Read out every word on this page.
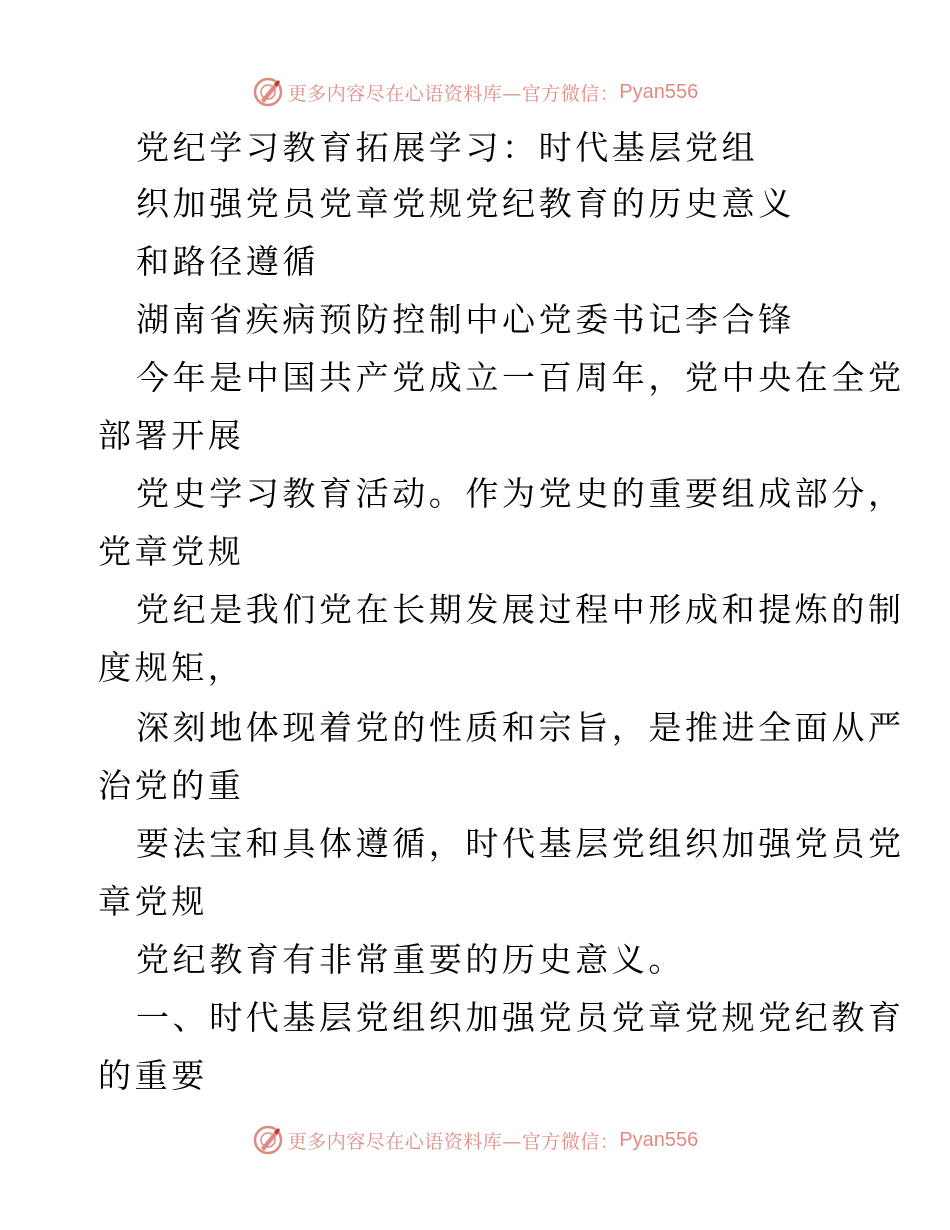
更多内容尽在心语资料库—官方微信： Pyan556
党纪学习教育拓展学习：时代基层党组
织加强党员党章党规党纪教育的历史意义
和路径遵循
湖南省疾病预防控制中心党委书记李合锋
今年是中国共产党成立一百周年，党中央在全党
部署开展
党史学习教育活动。作为党史的重要组成部分，
党章党规
党纪是我们党在长期发展过程中形成和提炼的制
度规矩，
深刻地体现着党的性质和宗旨，是推进全面从严
治党的重
要法宝和具体遵循，时代基层党组织加强党员党
章党规
党纪教育有非常重要的历史意义。
一、时代基层党组织加强党员党章党规党纪教育
的重要
更多内容尽在心语资料库—官方微信： Pyan556
